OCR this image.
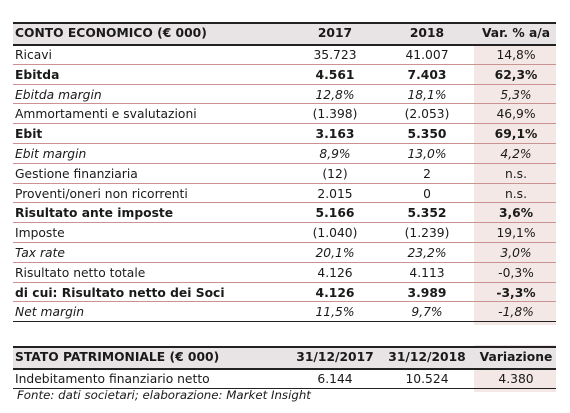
CONTO ECONOMICO (€ 000)	2017	2018	Var. % a/a
Ricavi	35.723	41.007	14,8%
Ebitda	4.561	7.403	62,3%
Ebitda margin	12,8%	18,1%	5,3%
Ammortamenti e svalutazioni	(1.398)	(2.053)	46,9%
Ebit	3.163	5.350	69,1%
Ebit margin	8,9%	13,0%	4,2%
Gestione finanziaria	(12)	2	n.s.
Proventi/oneri non ricorrenti	2.015	0	n.s.
Risultato ante imposte	5.166	5.352	3,6%
Imposte	(1.040)	(1.239)	19,1%
Tax rate	20,1%	23,2%	3,0%
Risultato netto totale	4.126	4.113	-0,3%
di cui: Risultato netto dei Soci	4.126	3.989	-3,3%
Net margin	11,5%	9,7%	-1,8%
STATO PATRIMONIALE (€ 000)	31/12/2017 31/12/2018 Variazione
Indebitamento finanziario netto	6.144	10.524	4.380
Fonte: dati societari; elaborazione: Market Insight
